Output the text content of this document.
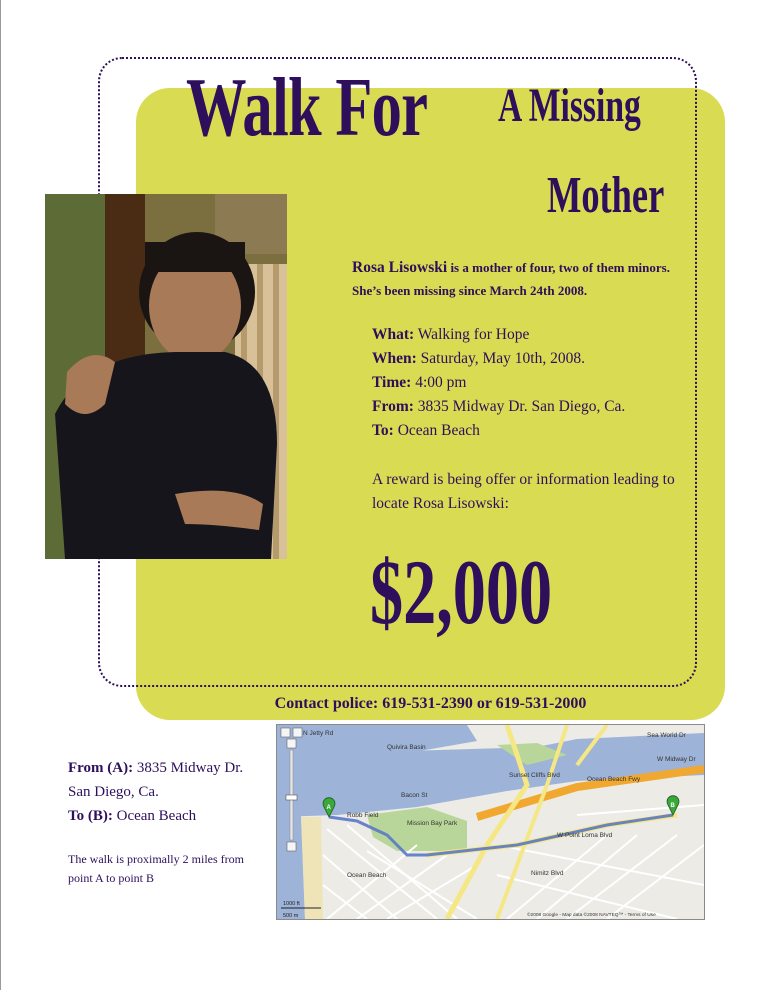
Walk For A Missing
Mother
Rosa Lisowski is a mother of four, two of them minors. She’s been missing since March 24th 2008.
What: Walking for Hope
When: Saturday, May 10th, 2008.
Time: 4:00 pm
From: 3835 Midway Dr. San Diego, Ca.
To: Ocean Beach
A reward is being offer or information leading to locate Rosa Lisowski:
$2,000
Contact police: 619-531-2390 or 619-531-2000
From (A): 3835 Midway Dr. San Diego, Ca.
To (B): Ocean Beach
The walk is proximally 2 miles from point A to point B
N Jetty Rd	Sea World Dr
Quivira Basin
W Midway Dr
Ocean Beach Fwy
Bacon St
Mission Bay Park
Sunset Cliffs Blvd
W Point Loma Blvd
Nimitz Blvd
Robb Field
Ocean Beach
A	B
1000 ft
500 m	©2008 Google - Map data ©2008 NAVTEQ™ - Terms of Use
